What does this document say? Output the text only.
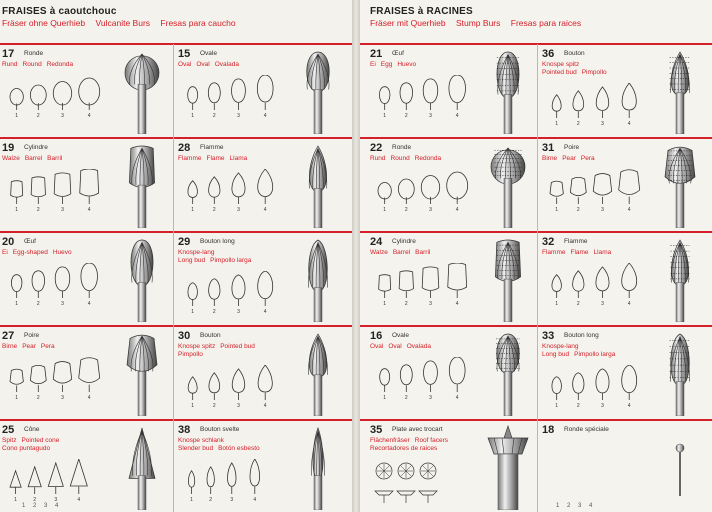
FRAISES à caoutchouc
Fräser ohne Querhieb Vulcanite Burs Fresas para caucho
17 Ronde
Rund Round Redonda
1	2	3	4
15 Ovale
Oval Oval Ovalada
1	2	3	4
19 Cylindre
Walze Barrel Barril
1	2	3	4
28 Flamme
Flamme Flame Llama
1	2	3	4
20 Œuf
Ei Egg-shaped Huevo
1	2	3	4
29 Bouton long
Knospe-lang
Long bud Pimpollo larga
1	2	3	4
27 Poire
Birne Pear Pera
1	2	3	4
30 Bouton
Knospe spitz Pointed bud
Pimpollo
1	2	3	4
25 Cône
Spitz Pointed cone
Cono puntagudo
1	2	3	4
38 Bouton svelte
Knospe schlank
Slender bud Botón esbesto
1	2	3	4
1 2 3 4
FRAISES à RACINES
Fräser mit Querhieb Stump Burs Fresas para raices
21 Œuf
Ei Egg Huevo
1	2	3	4
36 Bouton
Knospe spitz
Pointed bud Pimpollo
1	2	3	4
22 Ronde
Rund Round Redonda
1	2	3	4
31 Poire
Birne Pear Pera
1	2	3	4
24 Cylindre
Walze Barrel Barril
1	2	3	4
32 Flamme
Flamme Flame Llama
1	2	3	4
16 Ovale
Oval Oval Ovalada
1	2	3	4
33 Bouton long
Knospe-lang
Long bud Pimpollo larga
1	2	3	4
35 Plate avec trocart
Flächenfräser Roof facers
Recortadores de raices
18 Ronde spéciale
1 2 3 4
